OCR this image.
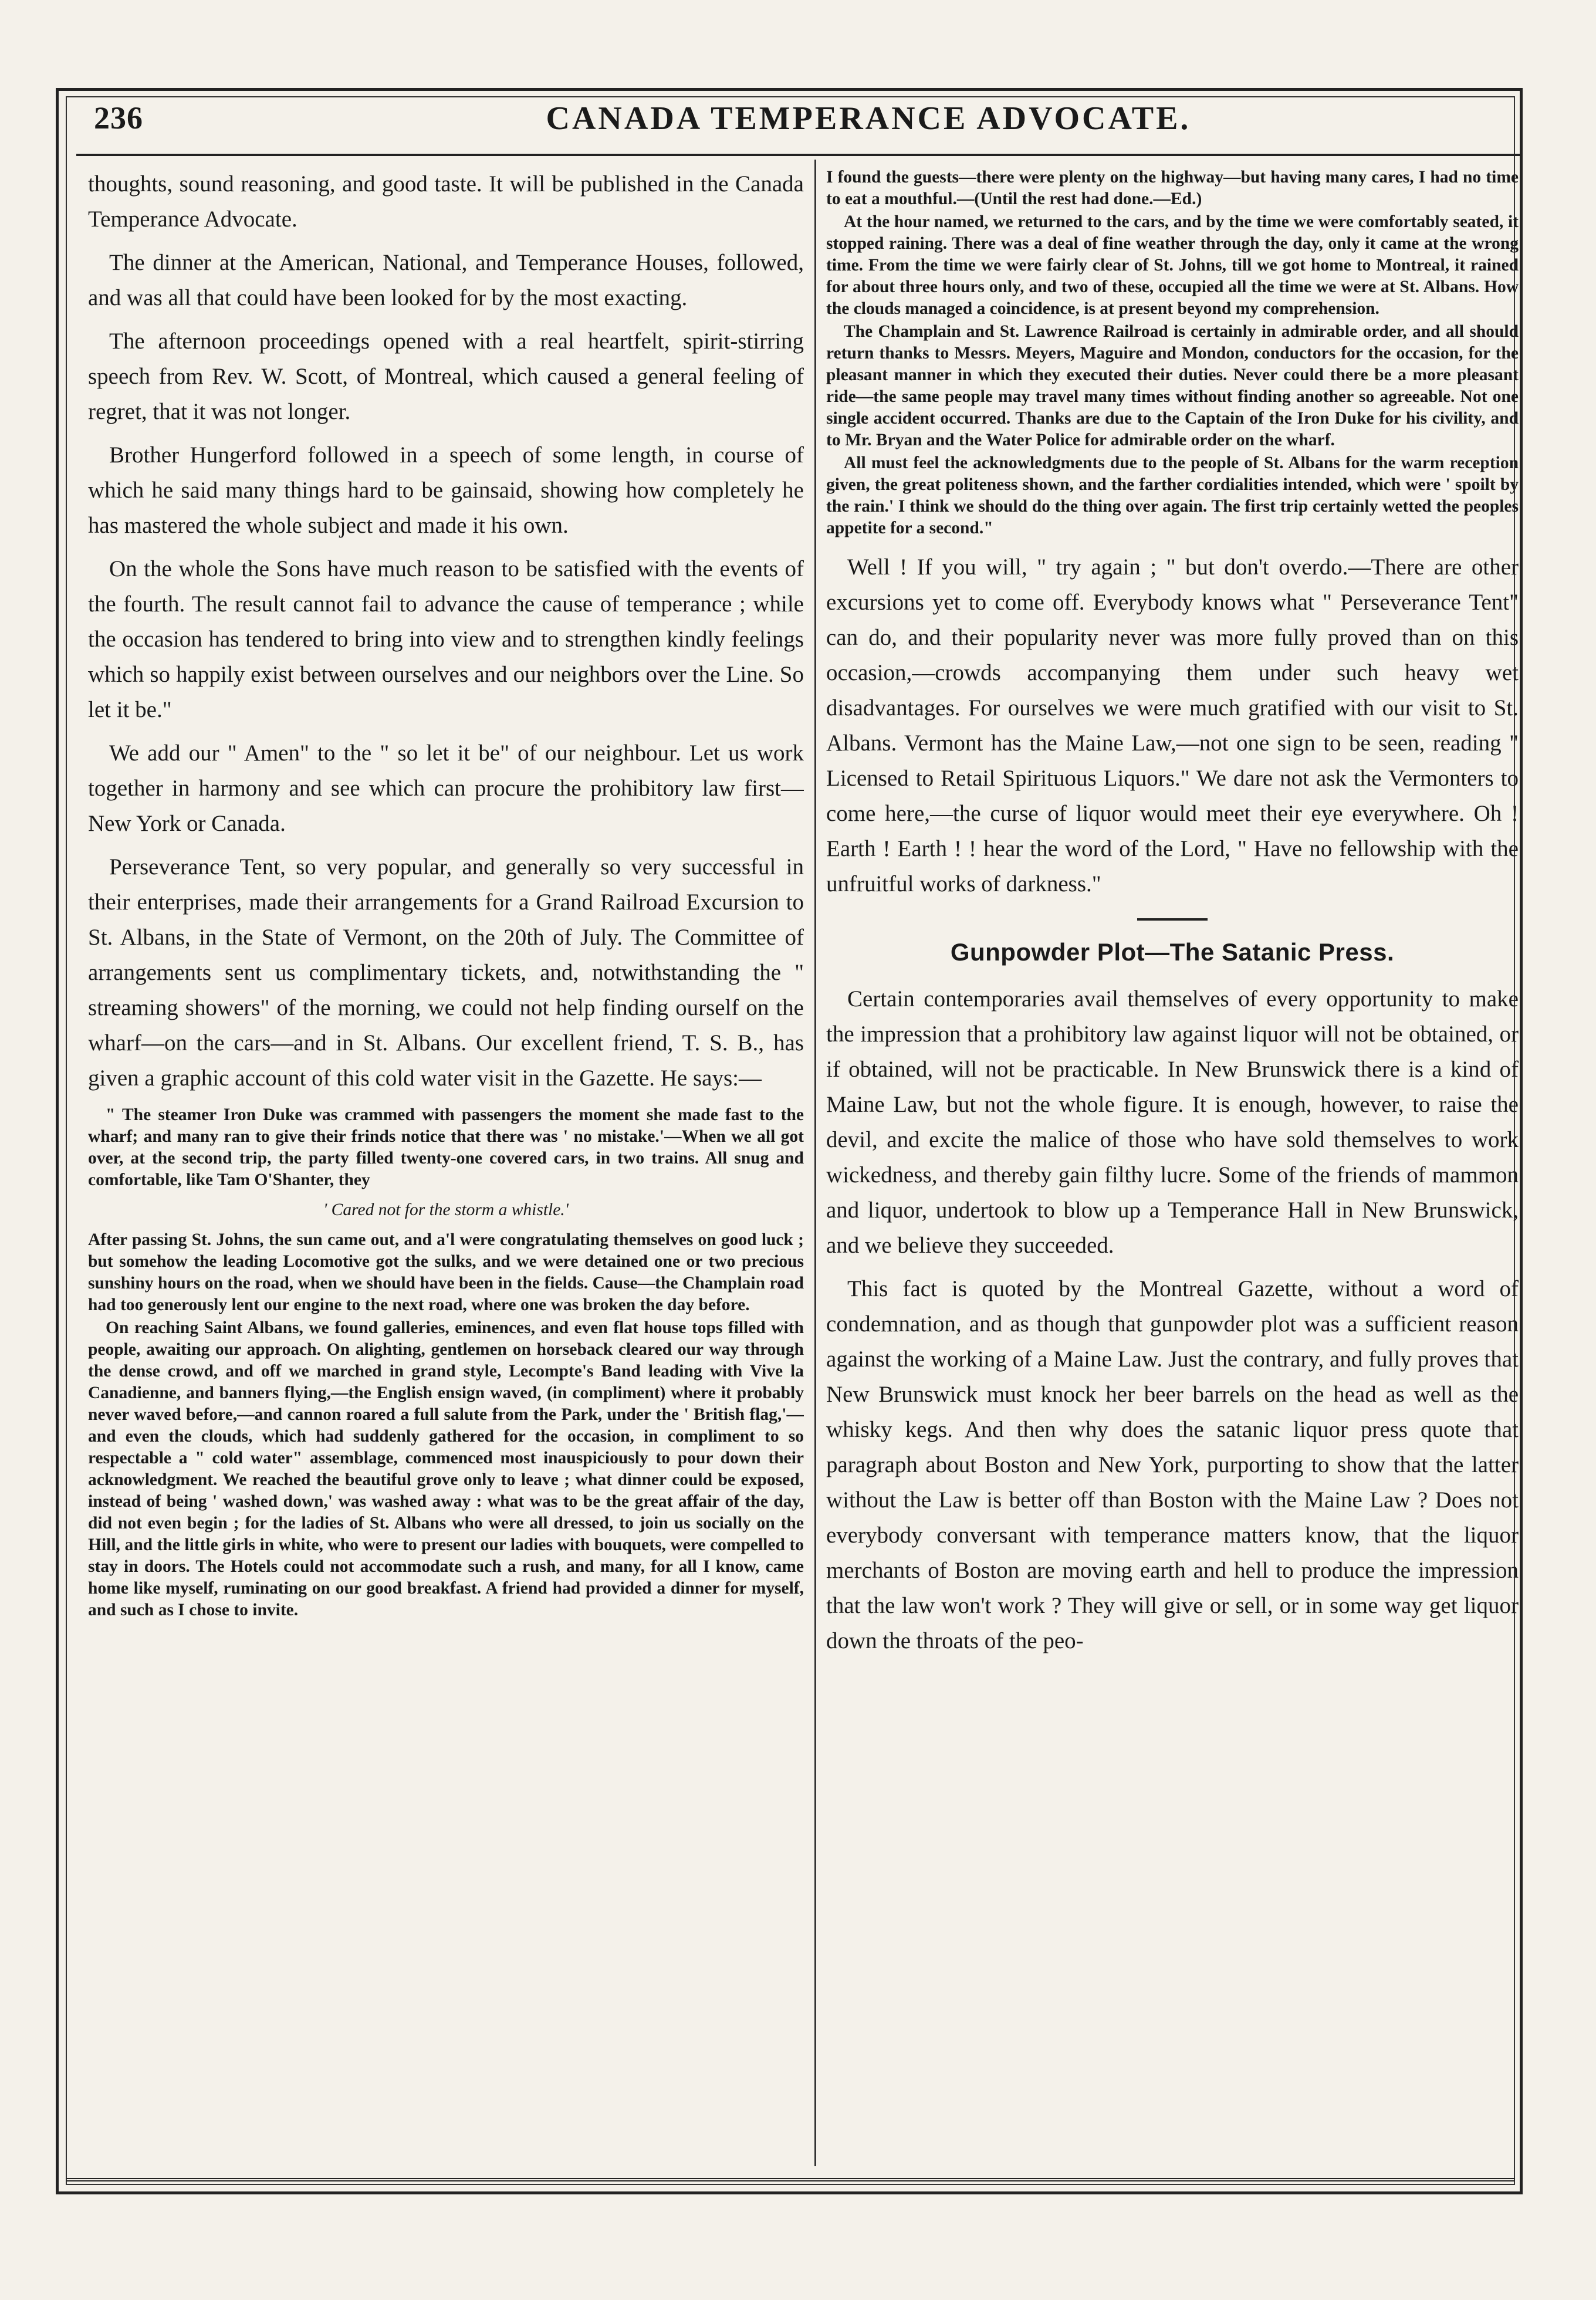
236	CANADA TEMPERANCE ADVOCATE.

thoughts, sound reasoning, and good taste. It will be published in the Canada Temperance Advocate.

The dinner at the American, National, and Temperance Houses, followed, and was all that could have been looked for by the most exacting.

The afternoon proceedings opened with a real heartfelt, spirit-stirring speech from Rev. W. Scott, of Montreal, which caused a general feeling of regret, that it was not longer.

Brother Hungerford followed in a speech of some length, in course of which he said many things hard to be gainsaid, showing how completely he has mastered the whole subject and made it his own.

On the whole the Sons have much reason to be satisfied with the events of the fourth. The result cannot fail to advance the cause of temperance ; while the occasion has tendered to bring into view and to strengthen kindly feelings which so happily exist between ourselves and our neighbors over the Line. So let it be."

We add our " Amen" to the " so let it be" of our neighbour. Let us work together in harmony and see which can procure the prohibitory law first—New York or Canada.

Perseverance Tent, so very popular, and generally so very successful in their enterprises, made their arrangements for a Grand Railroad Excursion to St. Albans, in the State of Vermont, on the 20th of July. The Committee of arrangements sent us complimentary tickets, and, notwithstanding the " streaming showers" of the morning, we could not help finding ourself on the wharf—on the cars—and in St. Albans. Our excellent friend, T. S. B., has given a graphic account of this cold water visit in the Gazette. He says:—

" The steamer Iron Duke was crammed with passengers the moment she made fast to the wharf; and many ran to give their frinds notice that there was ' no mistake.'—When we all got over, at the second trip, the party filled twenty-one covered cars, in two trains. All snug and comfortable, like Tam O'Shanter, they

' Cared not for the storm a whistle.'

After passing St. Johns, the sun came out, and a'l were congratulating themselves on good luck ; but somehow the leading Locomotive got the sulks, and we were detained one or two precious sunshiny hours on the road, when we should have been in the fields. Cause—the Champlain road had too generously lent our engine to the next road, where one was broken the day before.

On reaching Saint Albans, we found galleries, eminences, and even flat house tops filled with people, awaiting our approach. On alighting, gentlemen on horseback cleared our way through the dense crowd, and off we marched in grand style, Lecompte's Band leading with Vive la Canadienne, and banners flying,—the English ensign waved, (in compliment) where it probably never waved before,—and cannon roared a full salute from the Park, under the ' British flag,'—and even the clouds, which had suddenly gathered for the occasion, in compliment to so respectable a " cold water" assemblage, commenced most inauspiciously to pour down their acknowledgment. We reached the beautiful grove only to leave ; what dinner could be exposed, instead of being ' washed down,' was washed away : what was to be the great affair of the day, did not even begin ; for the ladies of St. Albans who were all dressed, to join us socially on the Hill, and the little girls in white, who were to present our ladies with bouquets, were compelled to stay in doors. The Hotels could not accommodate such a rush, and many, for all I know, came home like myself, ruminating on our good breakfast. A friend had provided a dinner for myself, and such as I chose to invite.

I found the guests—there were plenty on the highway—but having many cares, I had no time to eat a mouthful.—(Until the rest had done.—Ed.)

At the hour named, we returned to the cars, and by the time we were comfortably seated, it stopped raining. There was a deal of fine weather through the day, only it came at the wrong time. From the time we were fairly clear of St. Johns, till we got home to Montreal, it rained for about three hours only, and two of these, occupied all the time we were at St. Albans. How the clouds managed a coincidence, is at present beyond my comprehension.

The Champlain and St. Lawrence Railroad is certainly in admirable order, and all should return thanks to Messrs. Meyers, Maguire and Mondon, conductors for the occasion, for the pleasant manner in which they executed their duties. Never could there be a more pleasant ride—the same people may travel many times without finding another so agreeable. Not one single accident occurred. Thanks are due to the Captain of the Iron Duke for his civility, and to Mr. Bryan and the Water Police for admirable order on the wharf.

All must feel the acknowledgments due to the people of St. Albans for the warm reception given, the great politeness shown, and the farther cordialities intended, which were ' spoilt by the rain.' I think we should do the thing over again. The first trip certainly wetted the peoples appetite for a second."

Well ! If you will, " try again ; " but don't overdo.—There are other excursions yet to come off. Everybody knows what " Perseverance Tent" can do, and their popularity never was more fully proved than on this occasion,—crowds accompanying them under such heavy wet disadvantages. For ourselves we were much gratified with our visit to St. Albans. Vermont has the Maine Law,—not one sign to be seen, reading " Licensed to Retail Spirituous Liquors." We dare not ask the Vermonters to come here,—the curse of liquor would meet their eye everywhere. Oh ! Earth ! Earth ! ! hear the word of the Lord, " Have no fellowship with the unfruitful works of darkness."

Gunpowder Plot—The Satanic Press.

Certain contemporaries avail themselves of every opportunity to make the impression that a prohibitory law against liquor will not be obtained, or if obtained, will not be practicable. In New Brunswick there is a kind of Maine Law, but not the whole figure. It is enough, however, to raise the devil, and excite the malice of those who have sold themselves to work wickedness, and thereby gain filthy lucre. Some of the friends of mammon and liquor, undertook to blow up a Temperance Hall in New Brunswick, and we believe they succeeded.

This fact is quoted by the Montreal Gazette, without a word of condemnation, and as though that gunpowder plot was a sufficient reason against the working of a Maine Law. Just the contrary, and fully proves that New Brunswick must knock her beer barrels on the head as well as the whisky kegs. And then why does the satanic liquor press quote that paragraph about Boston and New York, purporting to show that the latter without the Law is better off than Boston with the Maine Law ? Does not everybody conversant with temperance matters know, that the liquor merchants of Boston are moving earth and hell to produce the impression that the law won't work ? They will give or sell, or in some way get liquor down the throats of the peo-
